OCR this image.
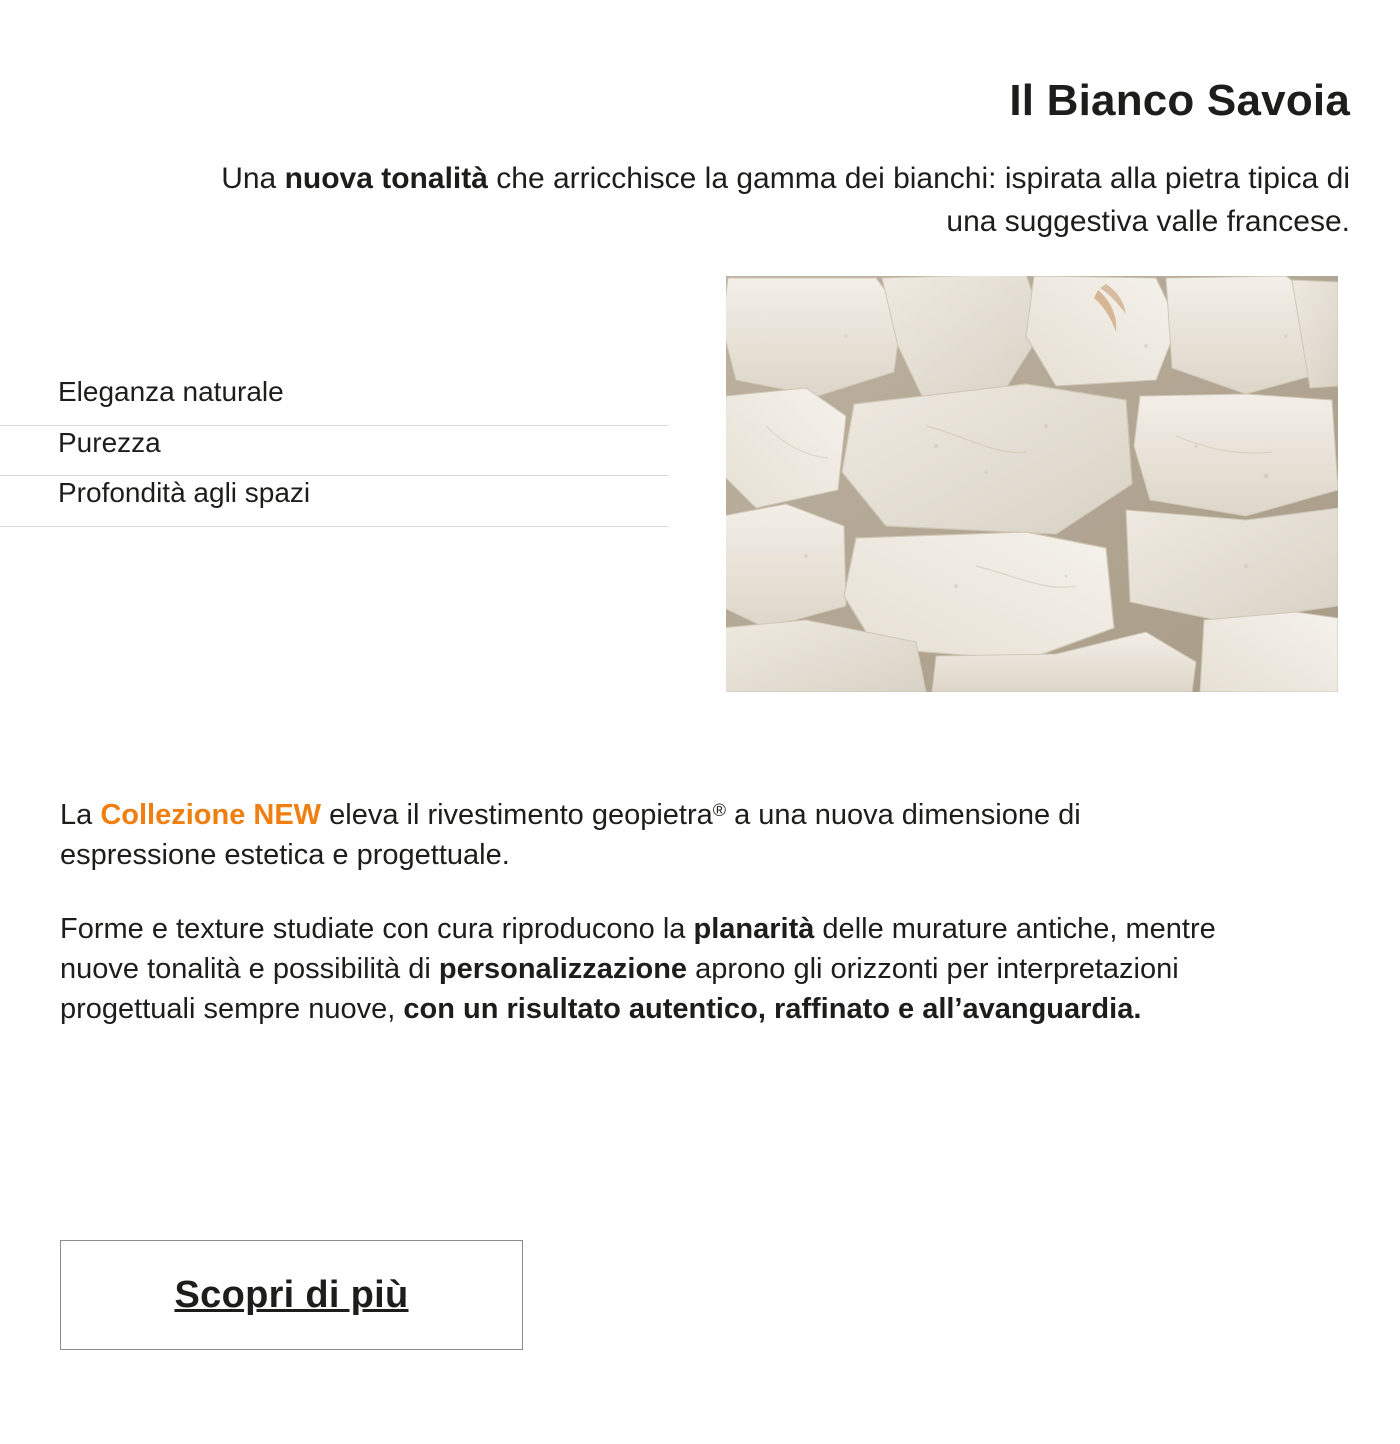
Il Bianco Savoia

Una nuova tonalità che arricchisce la gamma dei bianchi: ispirata alla pietra tipica di una suggestiva valle francese.

Eleganza naturale
Purezza
Profondità agli spazi

La Collezione NEW eleva il rivestimento geopietra® a una nuova dimensione di espressione estetica e progettuale.

Forme e texture studiate con cura riproducono la planarità delle murature antiche, mentre nuove tonalità e possibilità di personalizzazione aprono gli orizzonti per interpretazioni progettuali sempre nuove, con un risultato autentico, raffinato e all’avanguardia.

Scopri di più
